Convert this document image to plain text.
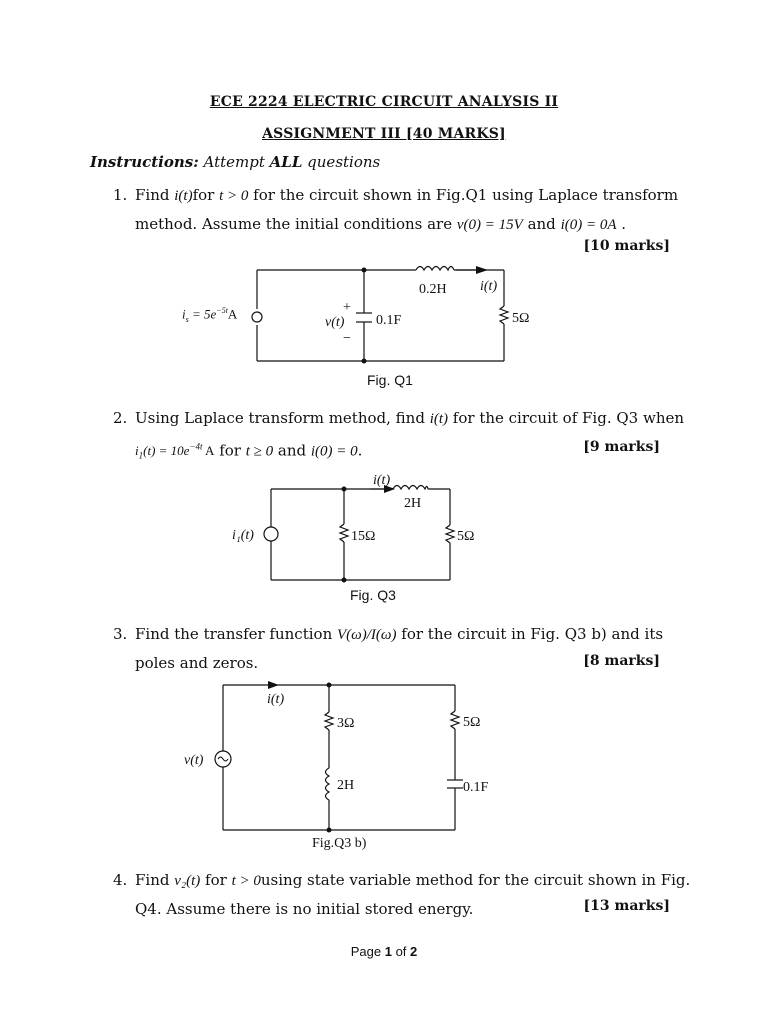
ECE 2224 ELECTRIC CIRCUIT ANALYSIS II
ASSIGNMENT III [40 MARKS]
Instructions: Attempt ALL questions
1. Find i(t)for t > 0 for the circuit shown in Fig.Q1 using Laplace transform
method. Assume the initial conditions are v(0) = 15V and i(0) = 0A .
[10 marks]
$i_s = 5e^{-5t}A$	+
v(t)
−
0.1F
0.2H i(t)
5Ω
Fig. Q1
2. Using Laplace transform method, find i(t) for the circuit of Fig. Q3 when
$i_1(t) = 10e^{-4t}$ A for t ≥ 0 and i(0) = 0.	[9 marks]
i(t)
2H
i₁(t)	15Ω	5Ω
Fig. Q3
3. Find the transfer function V(ω)/I(ω) for the circuit in Fig. Q3 b) and its
poles and zeros.	[8 marks]
i(t)
v(t)
3Ω
2H
5Ω
0.1F
Fig.Q3 b)
4. Find v₂(t) for t > 0using state variable method for the circuit shown in Fig.
Q4. Assume there is no initial stored energy.	[13 marks]
Page 1 of 2
